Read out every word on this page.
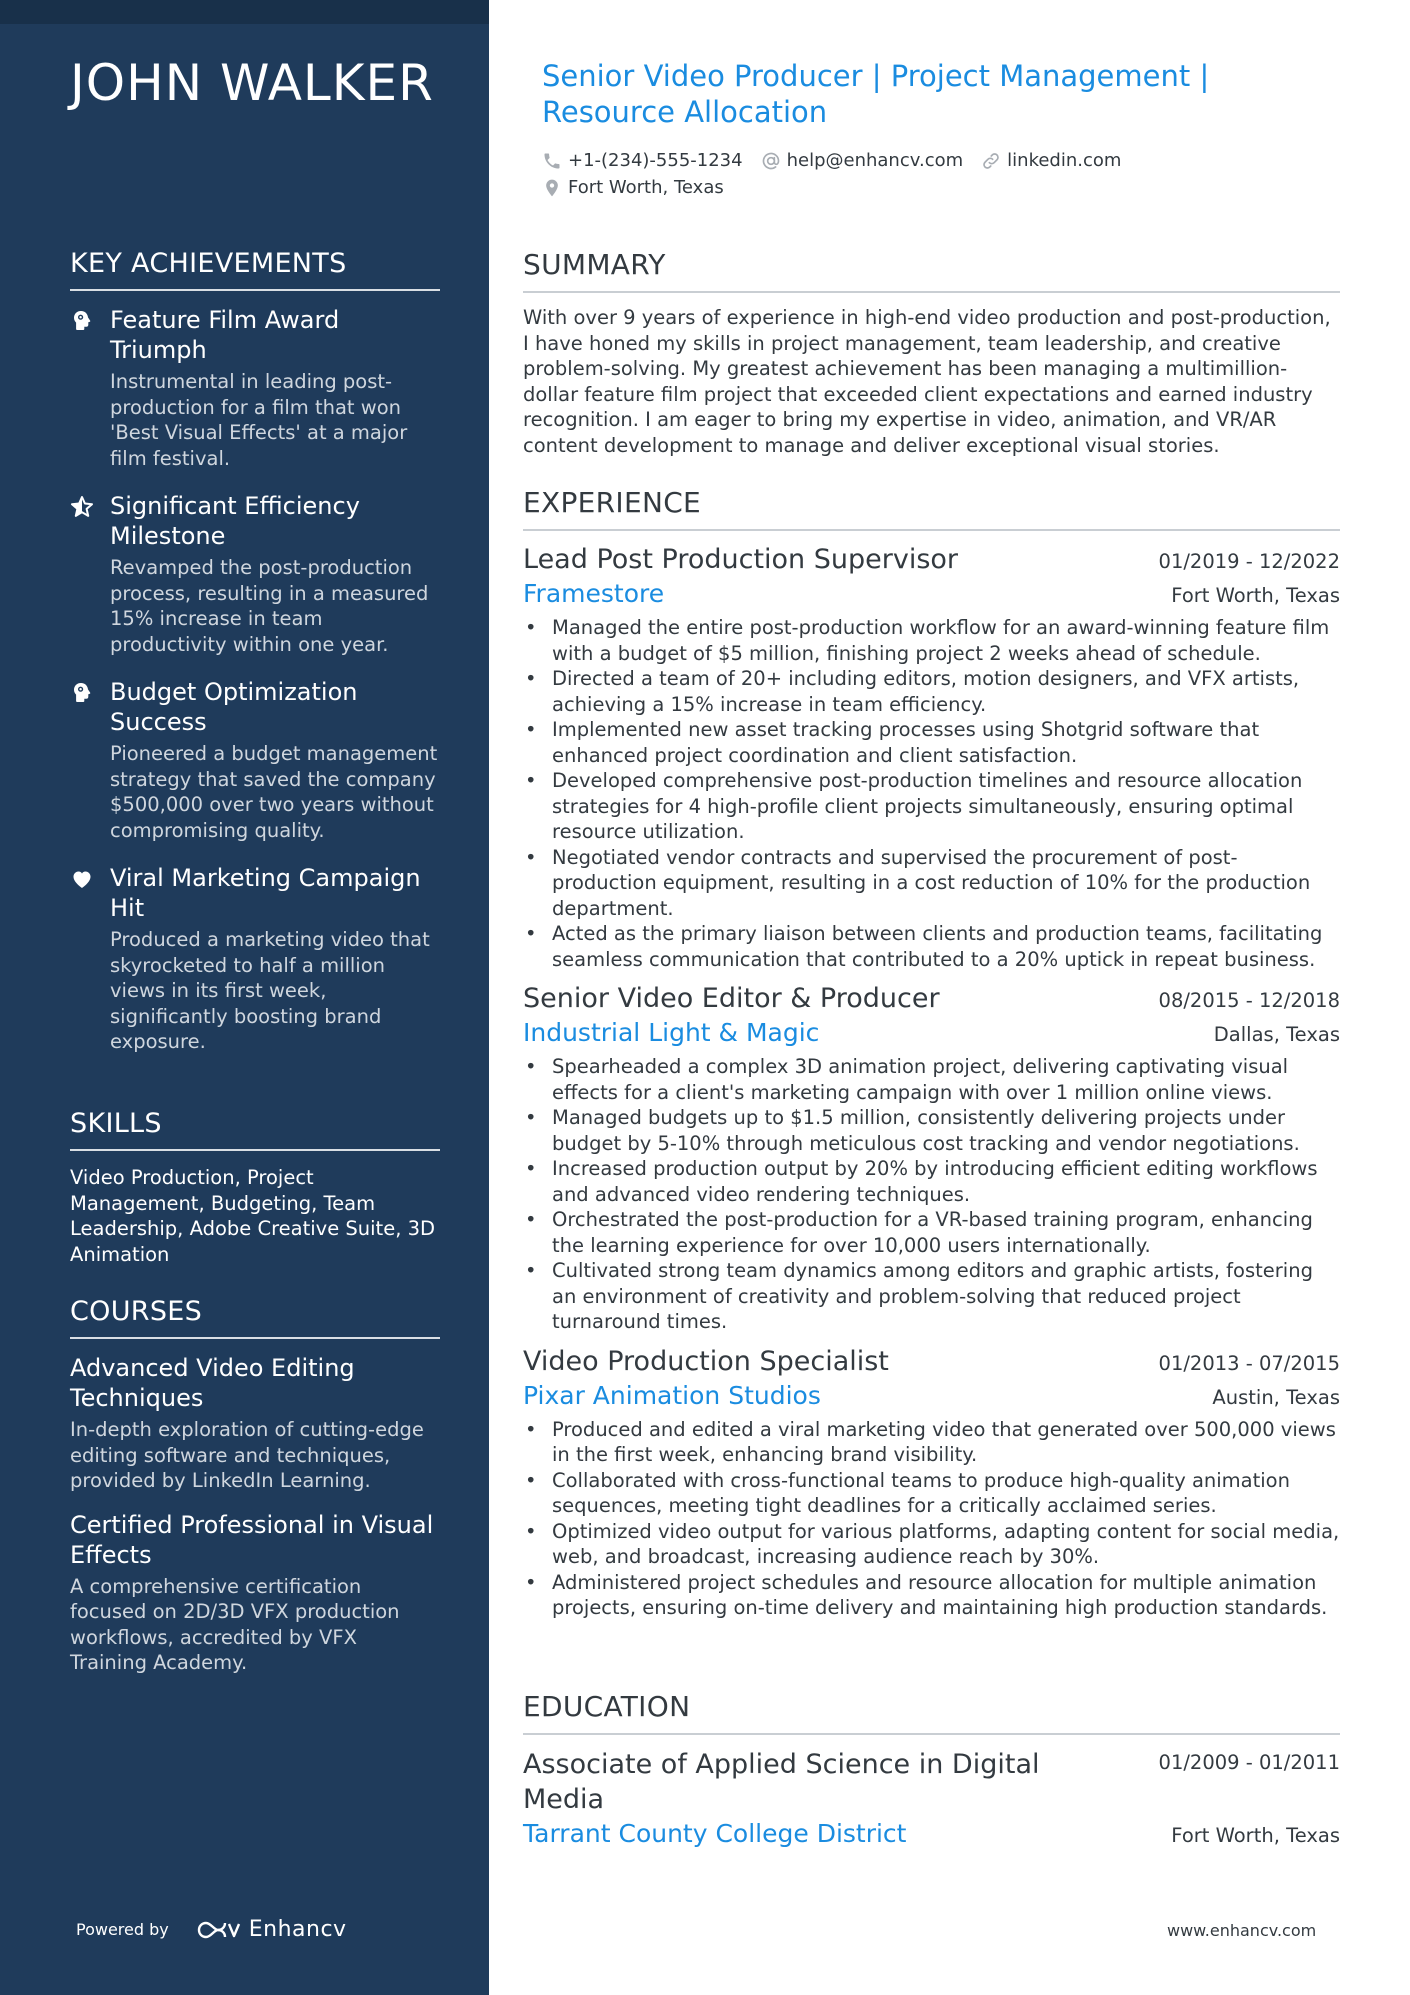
JOHN WALKER
KEY ACHIEVEMENTS
Feature Film Award Triumph
Instrumental in leading post-production for a film that won 'Best Visual Effects' at a major film festival.
Significant Efficiency Milestone
Revamped the post-production process, resulting in a measured 15% increase in team productivity within one year.
Budget Optimization Success
Pioneered a budget management strategy that saved the company $500,000 over two years without compromising quality.
Viral Marketing Campaign Hit
Produced a marketing video that skyrocketed to half a million views in its first week, significantly boosting brand exposure.
SKILLS
Video Production, Project Management, Budgeting, Team Leadership, Adobe Creative Suite, 3D Animation
COURSES
Advanced Video Editing Techniques
In-depth exploration of cutting-edge editing software and techniques, provided by LinkedIn Learning.
Certified Professional in Visual Effects
A comprehensive certification focused on 2D/3D VFX production workflows, accredited by VFX Training Academy.
Powered by	Enhancv
Senior Video Producer | Project Management | Resource Allocation
+1-(234)-555-1234 help@enhancv.com linkedin.com
Fort Worth, Texas
SUMMARY
With over 9 years of experience in high-end video production and post-production, I have honed my skills in project management, team leadership, and creative problem-solving. My greatest achievement has been managing a multimillion-dollar feature film project that exceeded client expectations and earned industry recognition. I am eager to bring my expertise in video, animation, and VR/AR content development to manage and deliver exceptional visual stories.
EXPERIENCE
Lead Post Production Supervisor	01/2019 - 12/2022
Framestore	Fort Worth, Texas
• Managed the entire post-production workflow for an award-winning feature film with a budget of $5 million, finishing project 2 weeks ahead of schedule.
• Directed a team of 20+ including editors, motion designers, and VFX artists, achieving a 15% increase in team efficiency.
• Implemented new asset tracking processes using Shotgrid software that enhanced project coordination and client satisfaction.
• Developed comprehensive post-production timelines and resource allocation strategies for 4 high-profile client projects simultaneously, ensuring optimal resource utilization.
• Negotiated vendor contracts and supervised the procurement of post-production equipment, resulting in a cost reduction of 10% for the production department.
• Acted as the primary liaison between clients and production teams, facilitating seamless communication that contributed to a 20% uptick in repeat business.
Senior Video Editor & Producer	08/2015 - 12/2018
Industrial Light & Magic	Dallas, Texas
• Spearheaded a complex 3D animation project, delivering captivating visual effects for a client's marketing campaign with over 1 million online views.
• Managed budgets up to $1.5 million, consistently delivering projects under budget by 5-10% through meticulous cost tracking and vendor negotiations.
• Increased production output by 20% by introducing efficient editing workflows and advanced video rendering techniques.
• Orchestrated the post-production for a VR-based training program, enhancing the learning experience for over 10,000 users internationally.
• Cultivated strong team dynamics among editors and graphic artists, fostering an environment of creativity and problem-solving that reduced project turnaround times.
Video Production Specialist	01/2013 - 07/2015
Pixar Animation Studios	Austin, Texas
• Produced and edited a viral marketing video that generated over 500,000 views in the first week, enhancing brand visibility.
• Collaborated with cross-functional teams to produce high-quality animation sequences, meeting tight deadlines for a critically acclaimed series.
• Optimized video output for various platforms, adapting content for social media, web, and broadcast, increasing audience reach by 30%.
• Administered project schedules and resource allocation for multiple animation projects, ensuring on-time delivery and maintaining high production standards.
EDUCATION
Associate of Applied Science in Digital Media
01/2009 - 01/2011
Tarrant County College District	Fort Worth, Texas
www.enhancv.com
